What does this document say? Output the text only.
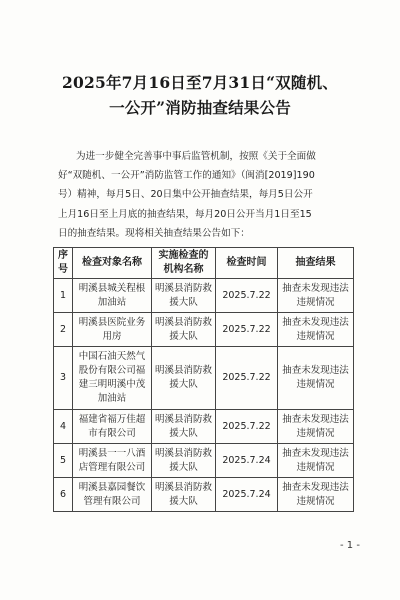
2025年7月16日至7月31日“双随机、
一公开”消防抽查结果公告
为进一步健全完善事中事后监管机制，按照《关于全面做
好“双随机、一公开”消防监管工作的通知》（闽消[2019]190
号）精神，每月5日、20日集中公开抽查结果，每月5日公开
上月16日至上月底的抽查结果，每月20日公开当月1日至15
日的抽查结果。现将相关抽查结果公告如下：
序号	检查对象名称	实施检查的机构名称	检查时间	抽查结果
1	明溪县城关程根加油站	明溪县消防救援大队	2025.7.22	抽查未发现违法违规情况
2	明溪县医院业务用房	明溪县消防救援大队	2025.7.22	抽查未发现违法违规情况
3	中国石油天然气股份有限公司福建三明明溪中茂加油站	明溪县消防救援大队	2025.7.22	抽查未发现违法违规情况
4	福建省福万佳超市有限公司	明溪县消防救援大队	2025.7.22	抽查未发现违法违规情况
5	明溪县一一八酒店管理有限公司	明溪县消防救援大队	2025.7.24	抽查未发现违法违规情况
6	明溪县嘉园餐饮管理有限公司	明溪县消防救援大队	2025.7.24	抽查未发现违法违规情况
- 1 -
